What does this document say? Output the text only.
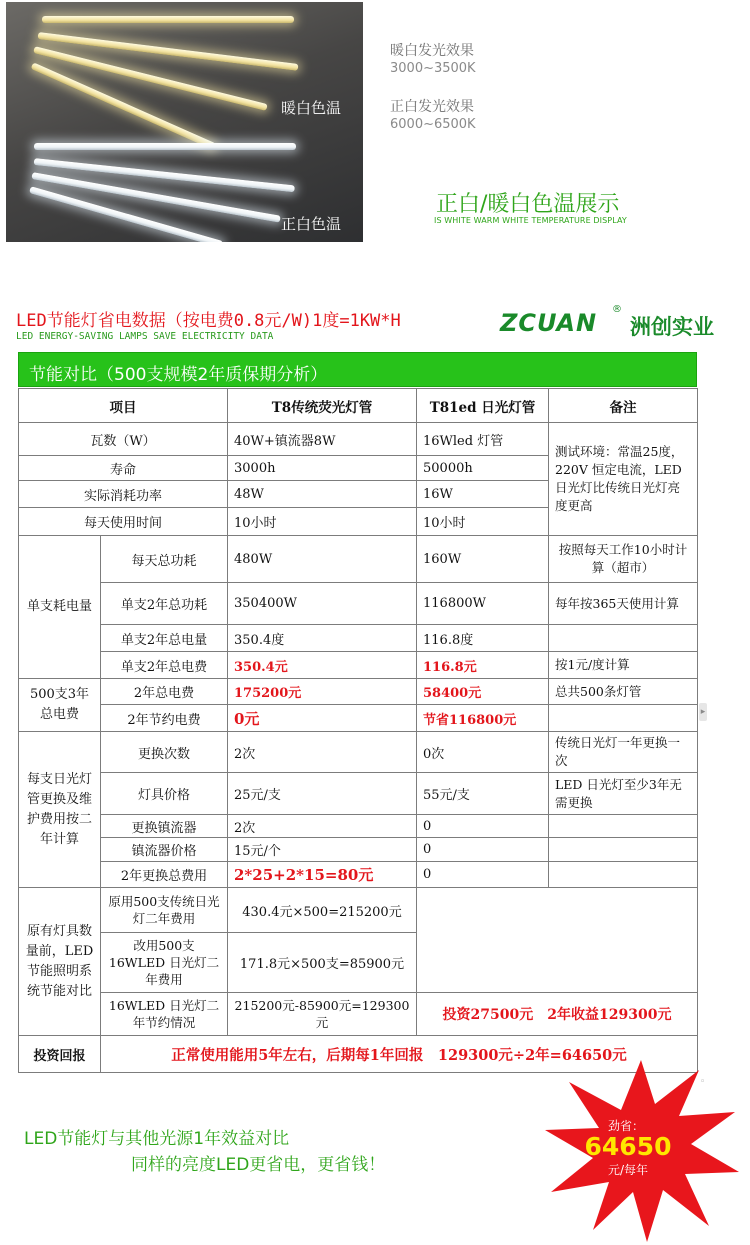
暖白色温
正白色温
暖白发光效果
3000~3500K
正白发光效果
6000~6500K
正白/暖白色温展示
IS WHITE WARM WHITE TEMPERATURE DISPLAY
LED节能灯省电数据（按电费0.8元/W)1度=1KW*H
LED ENERGY-SAVING LAMPS SAVE ELECTRICITY DATA	ZCUAN ®
洲创实业
节能对比（500支规模2年质保期分析）
项目		T8传统荧光灯管	T81ed 日光灯管	备注
瓦数（W）		40W+镇流器8W	16Wled 灯管	测试环境：常温25度，220V 恒定电流，LED 日光灯比传统日光灯亮度更高
寿命		3000h	50000h	
实际消耗功率		48W	16W	
每天使用时间		10小时	10小时	
单支耗电量	每天总功耗	480W	160W	按照每天工作10小时计算（超市）
	单支2年总功耗	350400W	116800W	每年按365天使用计算
	单支2年总电量	350.4度	116.8度	
	单支2年总电费	350.4元	116.8元	按1元/度计算
500支3年总电费	2年总电费	175200元	58400元	总共500条灯管
	2年节约电费	0元	节省116800元	
每支日光灯管更换及维护费用按二年计算	更换次数	2次	0次	传统日光灯一年更换一次
	灯具价格	25元/支	55元/支	LED 日光灯至少3年无需更换
	更换镇流器	2次	0	
	镇流器价格	15元/个	0	
	2年更换总费用	2*25+2*15=80元	0	
原有灯具数量前，LED 节能照明系统节能对比	原用500支传统日光灯二年费用	430.4元×500=215200元		
	改用500支16WLED 日光灯二年费用	171.8元×500支=85900元		
	16WLED 日光灯二年节约情况	215200元-85900元=129300元	投资27500元　2年收益129300元	
投资回报	正常使用能用5年左右，后期每1年回报　129300元÷2年=64650元			
▸
◦
LED节能灯与其他光源1年效益对比
同样的亮度LED更省电，更省钱！
劲省：
64650
元/每年
